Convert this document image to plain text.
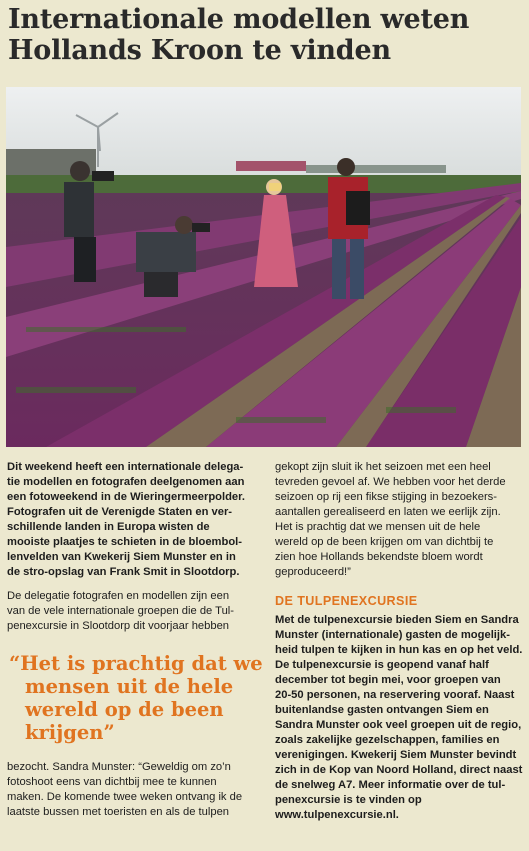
Internationale modellen weten
Hollands Kroon te vinden

Dit weekend heeft een internationale delega-
tie modellen en fotografen deelgenomen aan
een fotoweekend in de Wieringermeerpolder.
Fotografen uit de Verenigde Staten en ver-
schillende landen in Europa wisten de
mooiste plaatjes te schieten in de bloembol-
lenvelden van Kwekerij Siem Munster en in
de stro-opslag van Frank Smit in Slootdorp.

De delegatie fotografen en modellen zijn een
van de vele internationale groepen die de Tul-
penexcursie in Slootdorp dit voorjaar hebben

“Het is prachtig dat we
mensen uit de hele
wereld op de been
krijgen”

bezocht. Sandra Munster: “Geweldig om zo’n
fotoshoot eens van dichtbij mee te kunnen
maken. De komende twee weken ontvang ik de
laatste bussen met toeristen en als de tulpen

gekopt zijn sluit ik het seizoen met een heel
tevreden gevoel af. We hebben voor het derde
seizoen op rij een fikse stijging in bezoekers-
aantallen gerealiseerd en laten we eerlijk zijn.
Het is prachtig dat we mensen uit de hele
wereld op de been krijgen om van dichtbij te
zien hoe Hollands bekendste bloem wordt
geproduceerd!”

DE TULPENEXCURSIE

Met de tulpenexcursie bieden Siem en Sandra
Munster (internationale) gasten de mogelijk-
heid tulpen te kijken in hun kas en op het veld.
De tulpenexcursie is geopend vanaf half
december tot begin mei, voor groepen van
20-50 personen, na reservering vooraf. Naast
buitenlandse gasten ontvangen Siem en
Sandra Munster ook veel groepen uit de regio,
zoals zakelijke gezelschappen, families en
verenigingen. Kwekerij Siem Munster bevindt
zich in de Kop van Noord Holland, direct naast
de snelweg A7. Meer informatie over de tul-
penexcursie is te vinden op
www.tulpenexcursie.nl.
